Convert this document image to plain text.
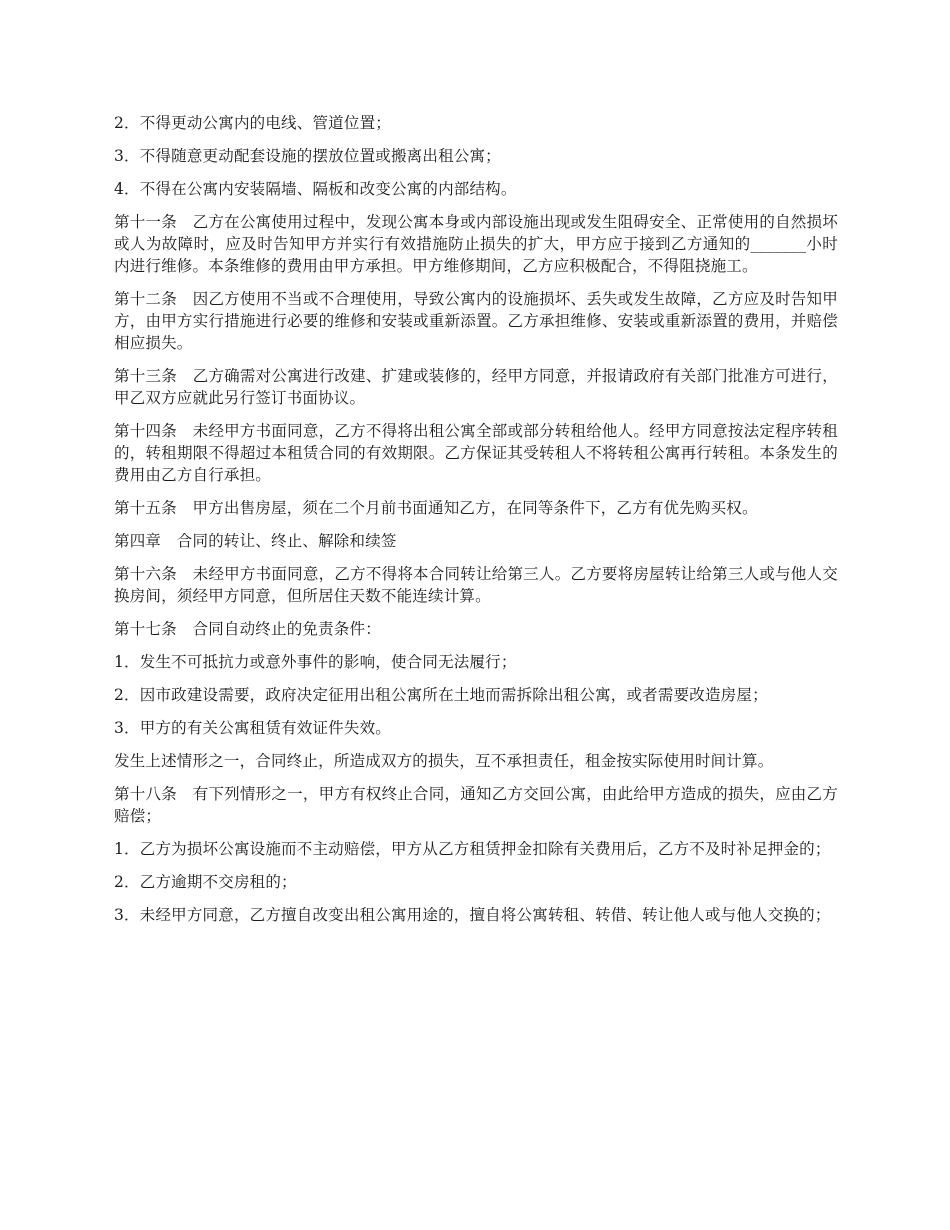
2．不得更动公寓内的电线、管道位置；

3．不得随意更动配套设施的摆放位置或搬离出租公寓；

4．不得在公寓内安装隔墙、隔板和改变公寓的内部结构。

第十一条　乙方在公寓使用过程中，发现公寓本身或内部设施出现或发生阻碍安全、正常使用的自然损坏或人为故障时，应及时告知甲方并实行有效措施防止损失的扩大，甲方应于接到乙方通知的_______小时内进行维修。本条维修的费用由甲方承担。甲方维修期间，乙方应积极配合，不得阻挠施工。

第十二条　因乙方使用不当或不合理使用，导致公寓内的设施损坏、丢失或发生故障，乙方应及时告知甲方，由甲方实行措施进行必要的维修和安装或重新添置。乙方承担维修、安装或重新添置的费用，并赔偿相应损失。

第十三条　乙方确需对公寓进行改建、扩建或装修的，经甲方同意，并报请政府有关部门批准方可进行，甲乙双方应就此另行签订书面协议。

第十四条　未经甲方书面同意，乙方不得将出租公寓全部或部分转租给他人。经甲方同意按法定程序转租的，转租期限不得超过本租赁合同的有效期限。乙方保证其受转租人不将转租公寓再行转租。本条发生的费用由乙方自行承担。

第十五条　甲方出售房屋，须在二个月前书面通知乙方，在同等条件下，乙方有优先购买权。

第四章　合同的转让、终止、解除和续签

第十六条　未经甲方书面同意，乙方不得将本合同转让给第三人。乙方要将房屋转让给第三人或与他人交换房间，须经甲方同意，但所居住天数不能连续计算。

第十七条　合同自动终止的免责条件：

1．发生不可抵抗力或意外事件的影响，使合同无法履行；

2．因市政建设需要，政府决定征用出租公寓所在土地而需拆除出租公寓，或者需要改造房屋；

3．甲方的有关公寓租赁有效证件失效。

发生上述情形之一，合同终止，所造成双方的损失，互不承担责任，租金按实际使用时间计算。

第十八条　有下列情形之一，甲方有权终止合同，通知乙方交回公寓，由此给甲方造成的损失，应由乙方赔偿；

1．乙方为损坏公寓设施而不主动赔偿，甲方从乙方租赁押金扣除有关费用后，乙方不及时补足押金的；

2．乙方逾期不交房租的；

3．未经甲方同意，乙方擅自改变出租公寓用途的，擅自将公寓转租、转借、转让他人或与他人交换的；
